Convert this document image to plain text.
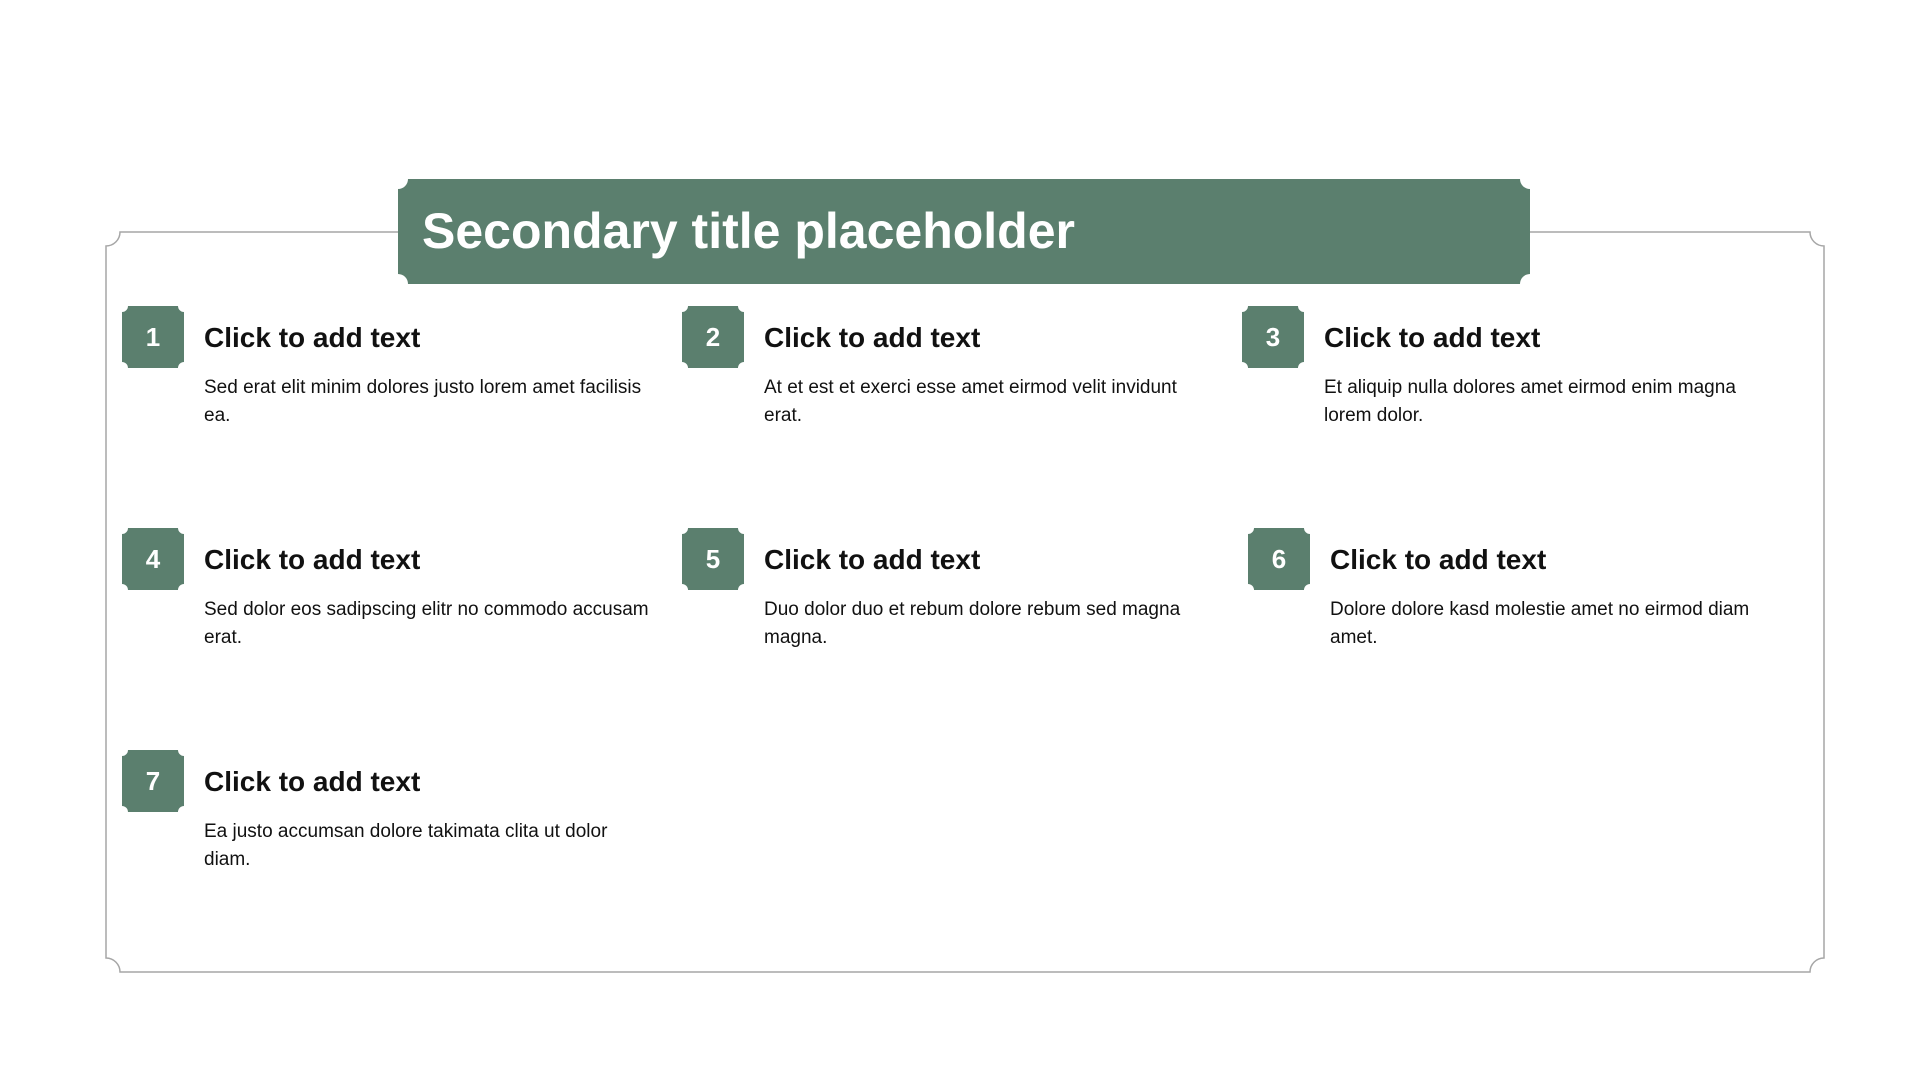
Secondary title placeholder
1	Click to add text
Sed erat elit minim dolores justo lorem amet facilisis ea.
2	Click to add text
At et est et exerci esse amet eirmod velit invidunt erat.
3	Click to add text
Et aliquip nulla dolores amet eirmod enim magna lorem dolor.
4	Click to add text
Sed dolor eos sadipscing elitr no commodo accusam erat.
5	Click to add text
Duo dolor duo et rebum dolore rebum sed magna magna.
6	Click to add text
Dolore dolore kasd molestie amet no eirmod diam amet.
7	Click to add text
Ea justo accumsan dolore takimata clita ut dolor diam.
